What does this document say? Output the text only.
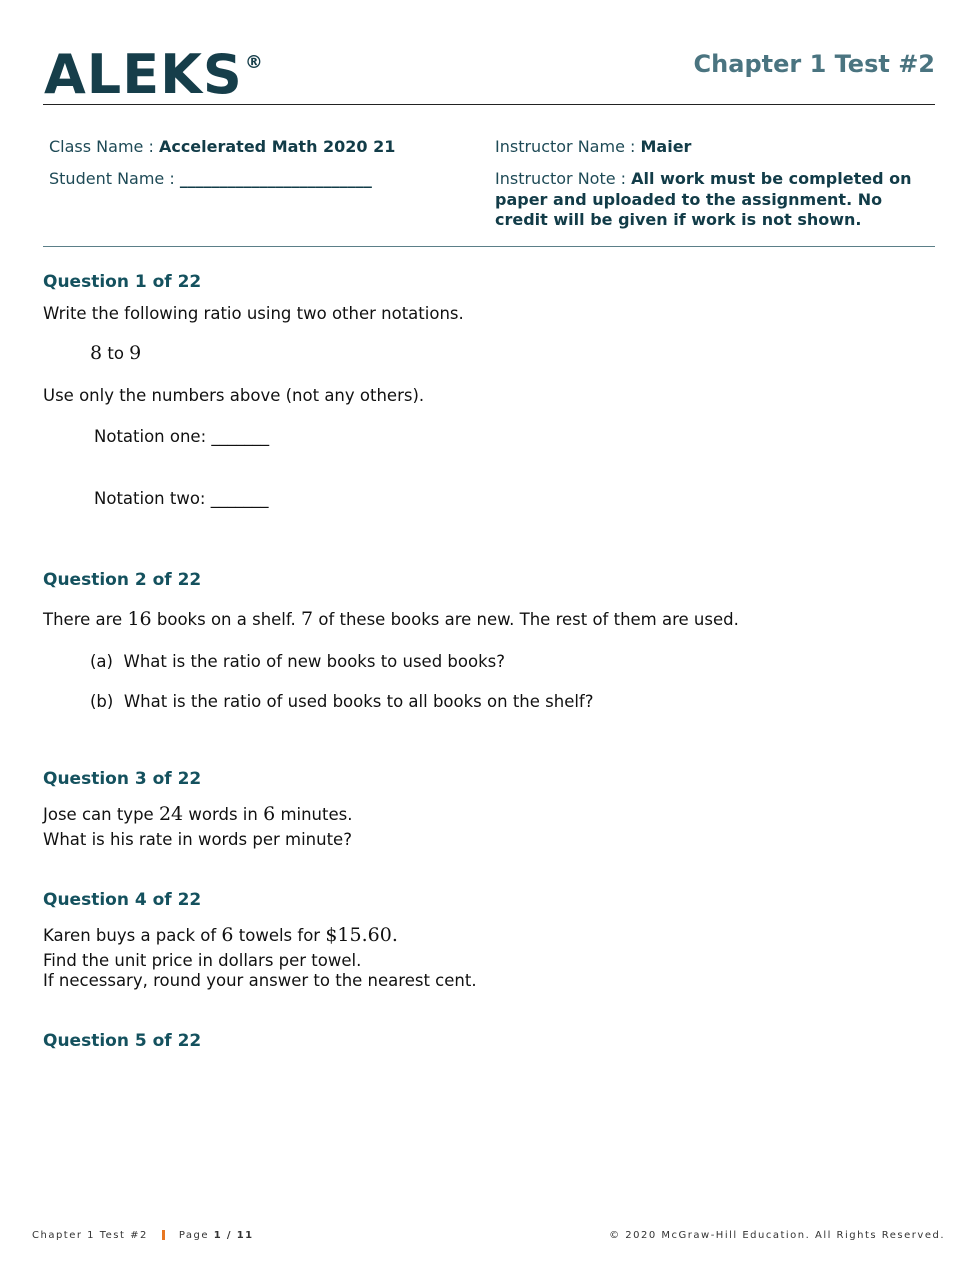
ALEKS ®	Chapter 1 Test #2
Class Name : Accelerated Math 2020 21
Student Name : ________________________
Instructor Name : Maier
Instructor Note : All work must be completed on paper and uploaded to the assignment. No credit will be given if work is not shown.
Question 1 of 22
Write the following ratio using two other notations.
8 to 9
Use only the numbers above (not any others).
Notation one: _______
Notation two: _______
Question 2 of 22
There are 16 books on a shelf. 7 of these books are new. The rest of them are used.
(a) What is the ratio of new books to used books?
(b) What is the ratio of used books to all books on the shelf?
Question 3 of 22
Jose can type 24 words in 6 minutes.
What is his rate in words per minute?
Question 4 of 22
Karen buys a pack of 6 towels for $15.60.
Find the unit price in dollars per towel.
If necessary, round your answer to the nearest cent.
Question 5 of 22
Chapter 1 Test #2	Page 1 / 11	© 2020 McGraw-Hill Education. All Rights Reserved.
